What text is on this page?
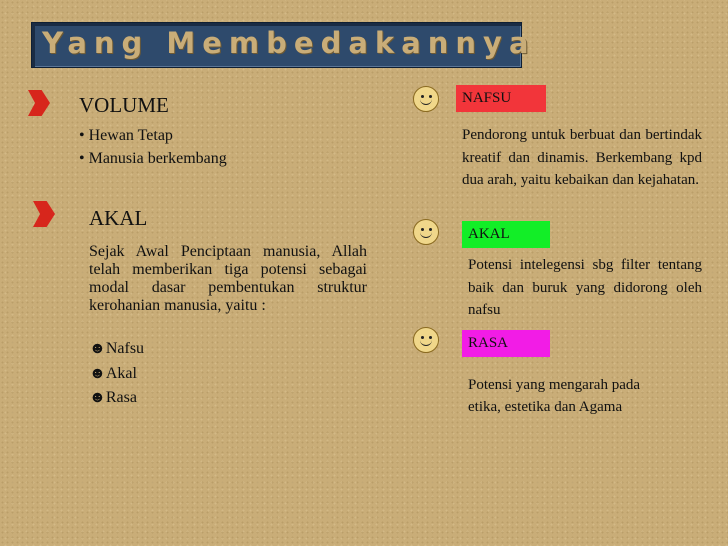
Yang Membedakannya
VOLUME
• Hewan Tetap
• Manusia berkembang
AKAL
Sejak Awal Penciptaan manusia, Allah telah memberikan tiga potensi sebagai modal dasar pembentukan struktur kerohanian manusia, yaitu :
☻Nafsu
☻Akal
☻Rasa
NAFSU
Pendorong untuk berbuat dan bertindak kreatif dan dinamis. Berkembang kpd dua arah, yaitu kebaikan dan kejahatan.
AKAL
Potensi intelegensi sbg filter tentang baik dan buruk yang didorong oleh nafsu
RASA
Potensi yang mengarah pada
etika, estetika dan Agama
